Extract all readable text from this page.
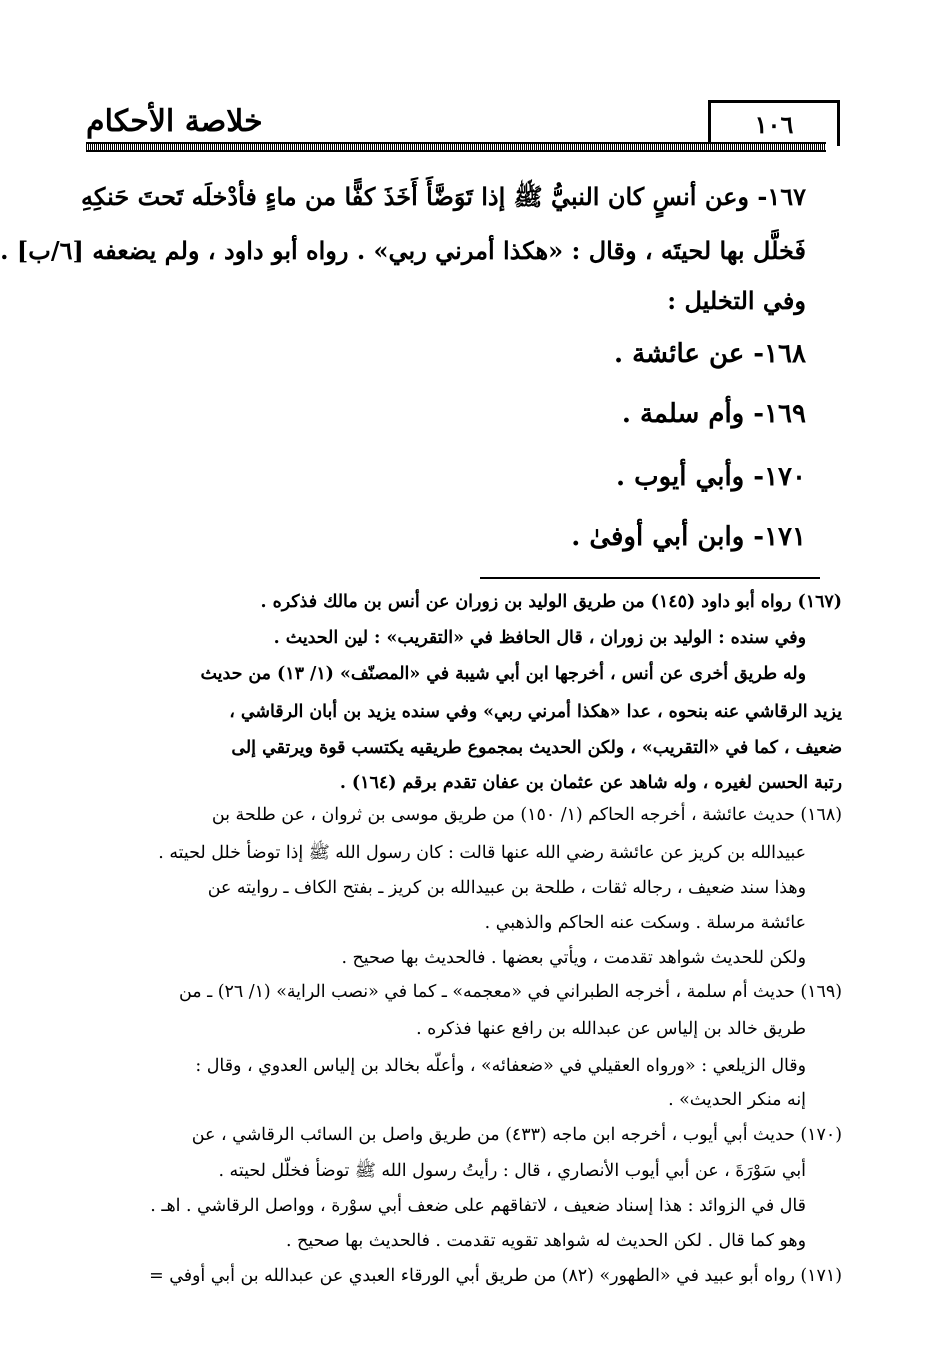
خلاصة الأحكام	١٠٦
١٦٧- وعن أنسٍ كان النبيُّ ﷺ إذا تَوَضَّأَ أَخَذَ كفًّا من ماءٍ فأدْخلَه تَحتَ حَنكِهِ
فَخلَّل بها لحيتَه ، وقال : «هكذا أمرني ربي» . رواه أبو داود ، ولم يضعفه [٦/ب] .
وفي التخليل :
١٦٨- عن عائشة .
١٦٩- وأم سلمة .
١٧٠- وأبي أيوب .
١٧١- وابن أبي أوفىٰ .
(١٦٧) رواه أبو داود (١٤٥) من طريق الوليد بن زوران عن أنس بن مالك فذكره .
وفي سنده : الوليد بن زوران ، قال الحافظ في «التقريب» : لين الحديث .
وله طريق أخرى عن أنس ، أخرجها ابن أبي شيبة في «المصنّف» (١/ ١٣) من حديث
يزيد الرقاشي عنه بنحوه ، عدا «هكذا أمرني ربي» وفي سنده يزيد بن أبان الرقاشي ،
ضعيف ، كما في «التقريب» ، ولكن الحديث بمجموع طريقيه يكتسب قوة ويرتقي إلى
رتبة الحسن لغيره ، وله شاهد عن عثمان بن عفان تقدم برقم (١٦٤) .
(١٦٨) حديث عائشة ، أخرجه الحاكم (١/ ١٥٠) من طريق موسى بن ثروان ، عن طلحة بن
عبيدالله بن كريز عن عائشة رضي الله عنها قالت : كان رسول الله ﷺ إذا توضأ خلل لحيته .
وهذا سند ضعيف ، رجاله ثقات ، طلحة بن عبيدالله بن كريز ـ بفتح الكاف ـ روايته عن
عائشة مرسلة . وسكت عنه الحاكم والذهبي .
ولكن للحديث شواهد تقدمت ، ويأتي بعضها . فالحديث بها صحيح .
(١٦٩) حديث أم سلمة ، أخرجه الطبراني في «معجمه» ـ كما في «نصب الراية» (١/ ٢٦) ـ من
طريق خالد بن إلياس عن عبدالله بن رافع عنها فذكره .
وقال الزيلعي : «ورواه العقيلي في «ضعفائه» ، وأعلّه بخالد بن إلياس العدوي ، وقال :
إنه منكر الحديث» .
(١٧٠) حديث أبي أيوب ، أخرجه ابن ماجه (٤٣٣) من طريق واصل بن السائب الرقاشي ، عن
أبي سَوْرَةَ ، عن أبي أيوب الأنصاري ، قال : رأيتُ رسول الله ﷺ توضأ فخلّل لحيته .
قال في الزوائد : هذا إسناد ضعيف ، لاتفاقهم على ضعف أبي سوْرة ، وواصل الرقاشي . اهـ .
وهو كما قال . لكن الحديث له شواهد تقويه تقدمت . فالحديث بها صحيح .
(١٧١) رواه أبو عبيد في «الطهور» (٨٢) من طريق أبي الورقاء العبدي عن عبدالله بن أبي أوفي =
